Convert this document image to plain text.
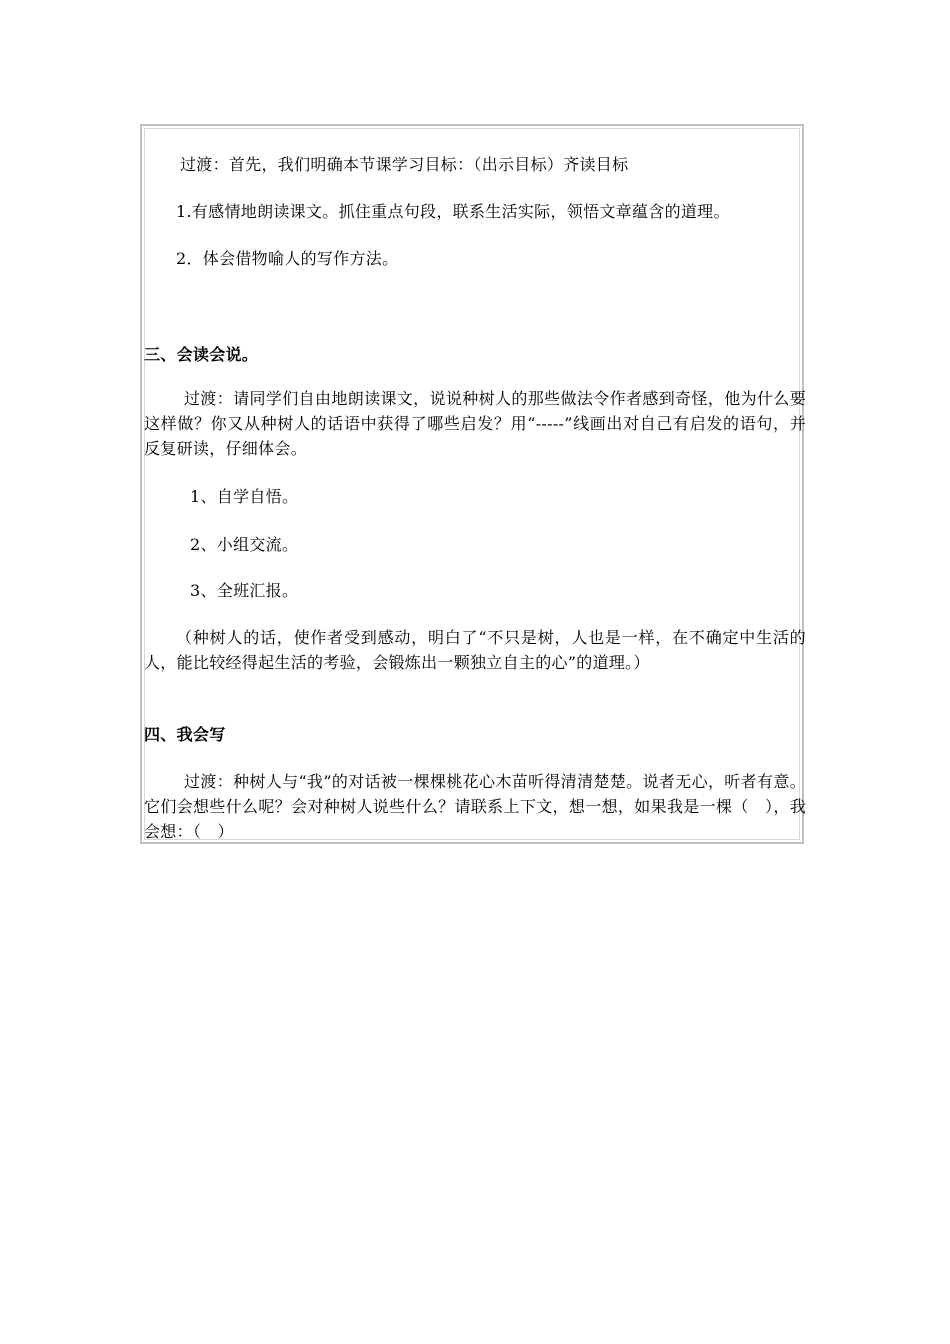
过渡：首先，我们明确本节课学习目标：（出示目标）齐读目标
1.有感情地朗读课文。抓住重点句段，联系生活实际，领悟文章蕴含的道理。
2．体会借物喻人的写作方法。
三、会读会说。
过渡：请同学们自由地朗读课文，说说种树人的那些做法令作者感到奇怪，他为什么要这样做？你又从种树人的话语中获得了哪些启发？用“-----”线画出对自己有启发的语句，并反复研读，仔细体会。
1、自学自悟。
2、小组交流。
3、全班汇报。
（种树人的话，使作者受到感动，明白了“不只是树，人也是一样，在不确定中生活的人，能比较经得起生活的考验，会锻炼出一颗独立自主的心”的道理。）
四、我会写
过渡：种树人与“我”的对话被一棵棵桃花心木苗听得清清楚楚。说者无心，听者有意。它们会想些什么呢？会对种树人说些什么？请联系上下文，想一想，如果我是一棵（　），我会想：（　）
